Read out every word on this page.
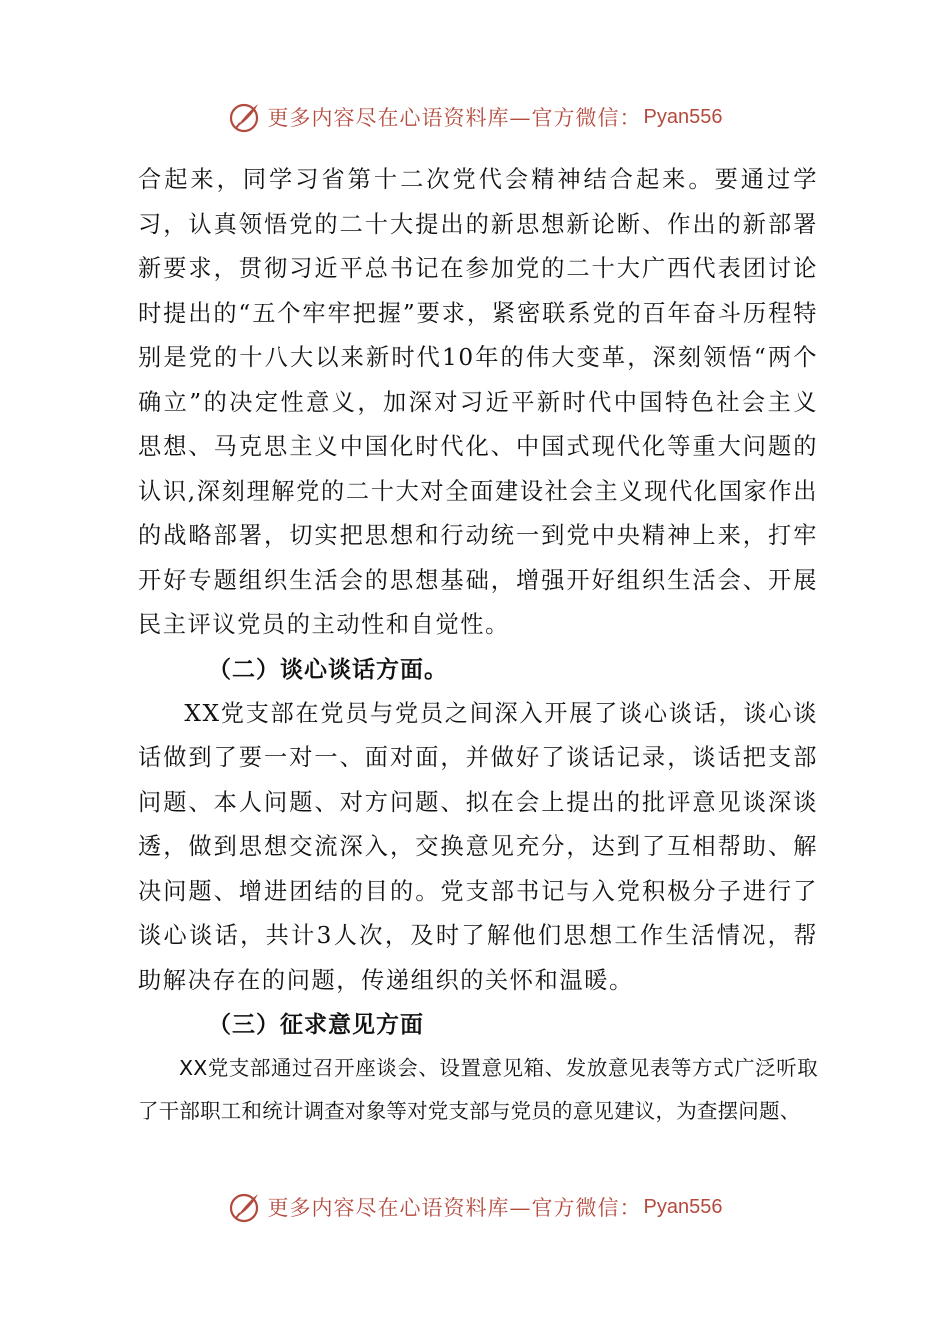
更多内容尽在心语资料库—官方微信： Pyan556

合起来，同学习省第十二次党代会精神结合起来。要通过学习，认真领悟党的二十大提出的新思想新论断、作出的新部署新要求，贯彻习近平总书记在参加党的二十大广西代表团讨论时提出的“五个牢牢把握”要求，紧密联系党的百年奋斗历程特别是党的十八大以来新时代10年的伟大变革，深刻领悟“两个确立”的决定性意义，加深对习近平新时代中国特色社会主义思想、马克思主义中国化时代化、中国式现代化等重大问题的认识,深刻理解党的二十大对全面建设社会主义现代化国家作出的战略部署，切实把思想和行动统一到党中央精神上来，打牢开好专题组织生活会的思想基础，增强开好组织生活会、开展民主评议党员的主动性和自觉性。

（二）谈心谈话方面。

XX党支部在党员与党员之间深入开展了谈心谈话，谈心谈话做到了要一对一、面对面，并做好了谈话记录，谈话把支部问题、本人问题、对方问题、拟在会上提出的批评意见谈深谈透，做到思想交流深入，交换意见充分，达到了互相帮助、解决问题、增进团结的目的。党支部书记与入党积极分子进行了谈心谈话，共计3人次，及时了解他们思想工作生活情况，帮助解决存在的问题，传递组织的关怀和温暖。

（三）征求意见方面

XX党支部通过召开座谈会、设置意见箱、发放意见表等方式广泛听取了干部职工和统计调查对象等对党支部与党员的意见建议，为查摆问题、

更多内容尽在心语资料库—官方微信： Pyan556
